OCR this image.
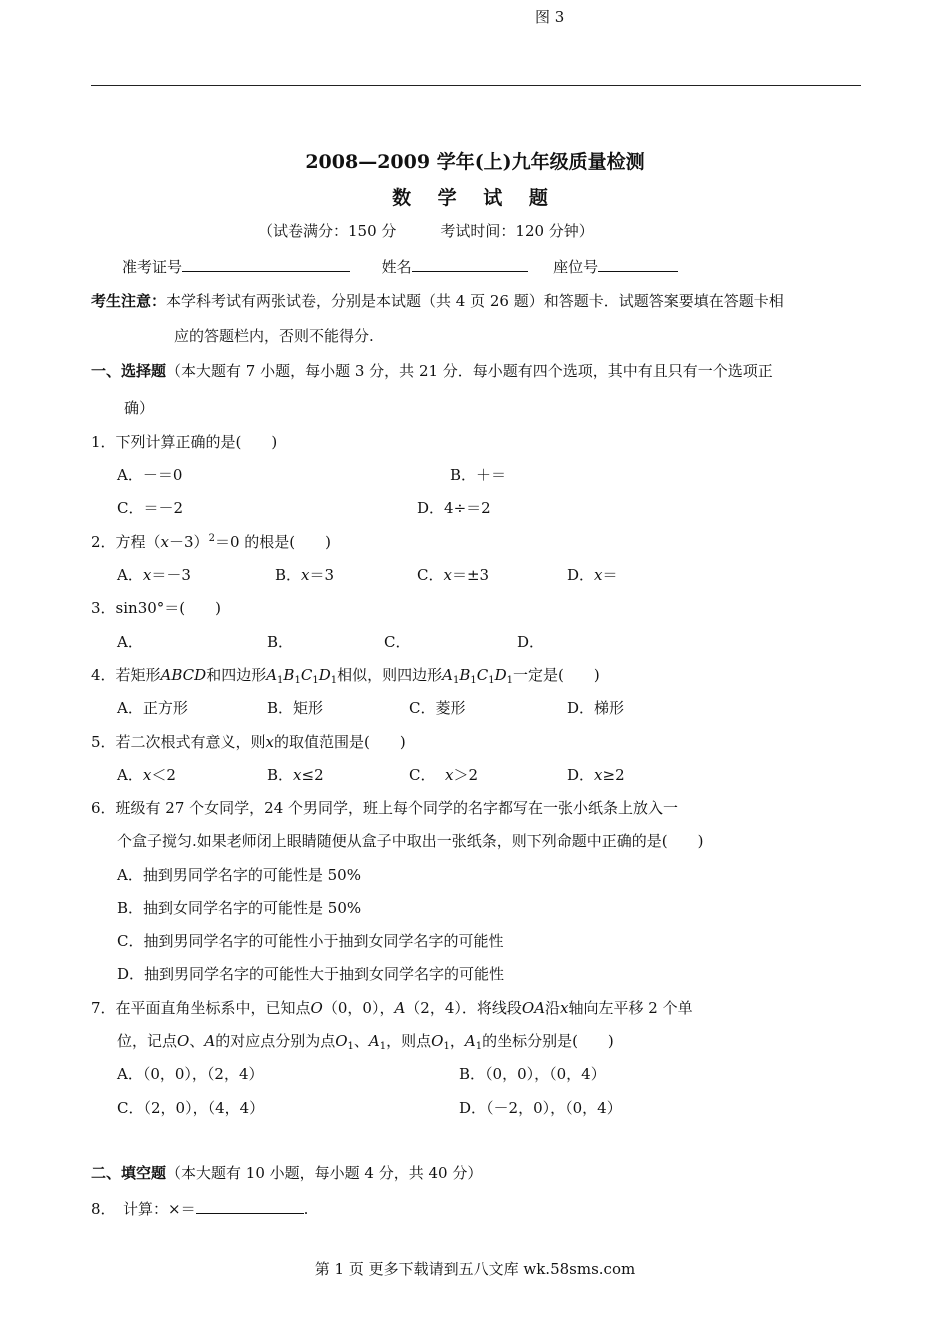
图 3
2008—2009 学年(上)九年级质量检测
数 学 试 题
（试卷满分：150 分	考试时间：120 分钟）
准考证号	姓名	座位号
考生注意：本学科考试有两张试卷，分别是本试题（共 4 页 26 题）和答题卡．试题答案要填在答题卡相
应的答题栏内，否则不能得分.
一、选择题（本大题有 7 小题，每小题 3 分，共 21 分．每小题有四个选项，其中有且只有一个选项正
确）
1．下列计算正确的是(　　)
A．－＝0	B．＋＝
C．＝－2	D．4÷＝2
2．方程$(x-3)^2=0$ 的根是(　　)
A．x＝－3	B．x＝3	C．x＝±3	D．x＝
3．sin30°＝(　　)
A．	B．	C．	D．
4．若矩形ABCD和四边形$A_1B_1C_1D_1$相似，则四边形$A_1B_1C_1D_1$一定是(　　)
A．正方形	B．矩形	C．菱形	D．梯形
5．若二次根式有意义，则x的取值范围是(　　)
A．x＜2	B．x≤2	C． x＞2	D．x≥2
6．班级有 27 个女同学，24 个男同学，班上每个同学的名字都写在一张小纸条上放入一
个盒子搅匀.如果老师闭上眼睛随便从盒子中取出一张纸条，则下列命题中正确的是(　　)
A．抽到男同学名字的可能性是 50%
B．抽到女同学名字的可能性是 50%
C．抽到男同学名字的可能性小于抽到女同学名字的可能性
D．抽到男同学名字的可能性大于抽到女同学名字的可能性
7．在平面直角坐标系中，已知点O（0，0），A（2，4）．将线段OA沿x轴向左平移 2 个单
位，记点O、A的对应点分别为点$O_1$、$A_1$，则点$O_1$，$A_1$的坐标分别是(　　)
A．（0，0），（2，4）	B．（0，0），（0，4）
C．（2，0），（4，4）	D．（－2，0），（0，4）
二、填空题（本大题有 10 小题，每小题 4 分，共 40 分）
8．　计算：×＝	.
第 1 页 更多下载请到五八文库 wk.58sms.com
